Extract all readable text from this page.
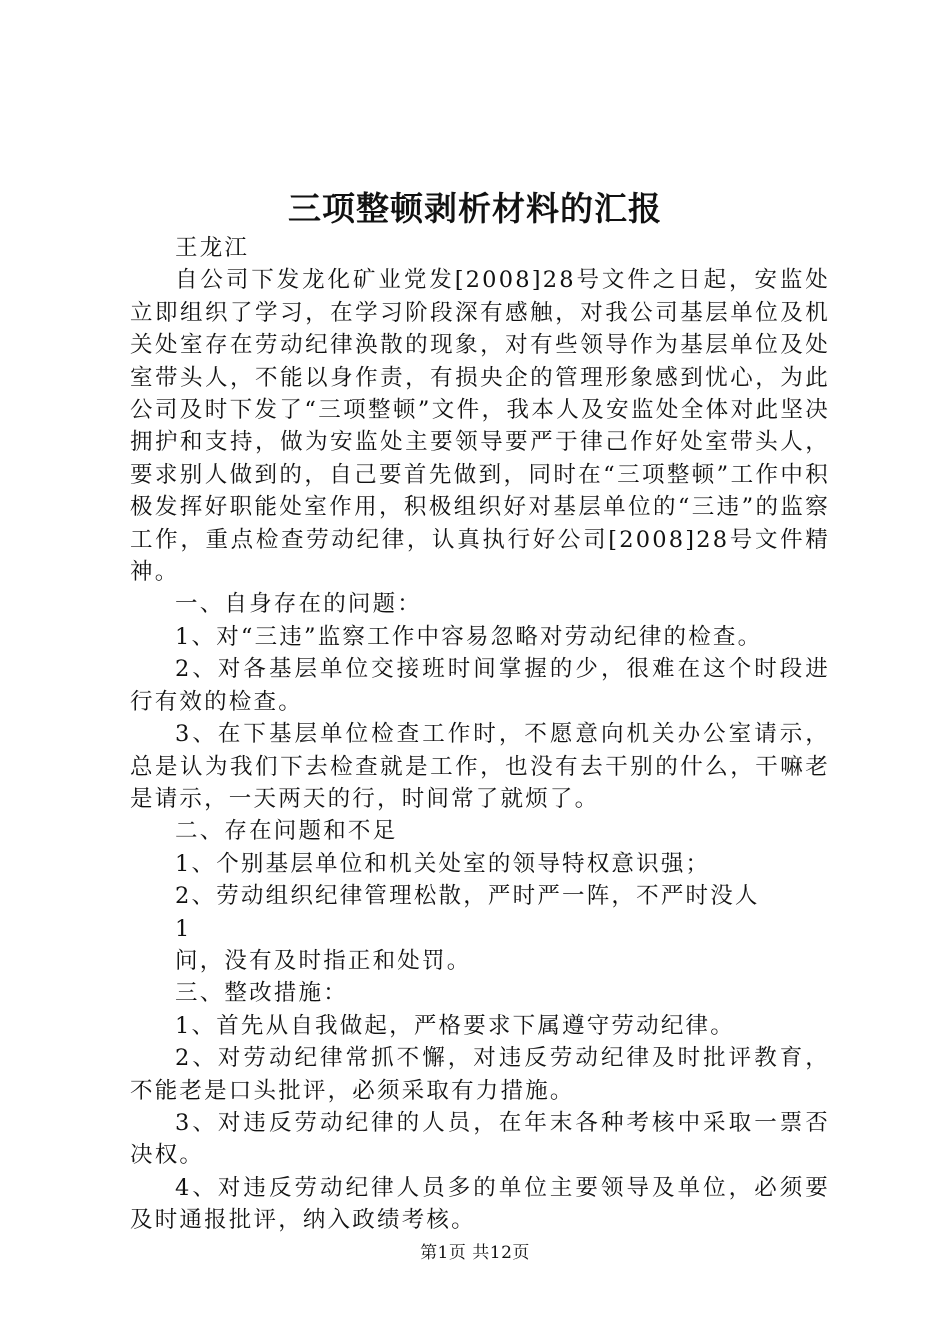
三项整顿剥析材料的汇报

王龙江

自公司下发龙化矿业党发[2008]28号文件之日起，安监处立即组织了学习，在学习阶段深有感触，对我公司基层单位及机关处室存在劳动纪律涣散的现象，对有些领导作为基层单位及处室带头人，不能以身作责，有损央企的管理形象感到忧心，为此公司及时下发了“三项整顿”文件，我本人及安监处全体对此坚决拥护和支持，做为安监处主要领导要严于律己作好处室带头人，要求别人做到的，自己要首先做到，同时在“三项整顿”工作中积极发挥好职能处室作用，积极组织好对基层单位的“三违”的监察工作，重点检查劳动纪律，认真执行好公司[2008]28号文件精神。

一、自身存在的问题：

1、对“三违”监察工作中容易忽略对劳动纪律的检查。

2、对各基层单位交接班时间掌握的少，很难在这个时段进行有效的检查。

3、在下基层单位检查工作时，不愿意向机关办公室请示，总是认为我们下去检查就是工作，也没有去干别的什么，干嘛老是请示，一天两天的行，时间常了就烦了。

二、存在问题和不足

1、个别基层单位和机关处室的领导特权意识强；

2、劳动组织纪律管理松散，严时严一阵，不严时没人

1

问，没有及时指正和处罚。

三、整改措施：

1、首先从自我做起，严格要求下属遵守劳动纪律。

2、对劳动纪律常抓不懈，对违反劳动纪律及时批评教育，不能老是口头批评，必须采取有力措施。

3、对违反劳动纪律的人员，在年末各种考核中采取一票否决权。

4、对违反劳动纪律人员多的单位主要领导及单位，必须要及时通报批评，纳入政绩考核。

第1页 共12页
